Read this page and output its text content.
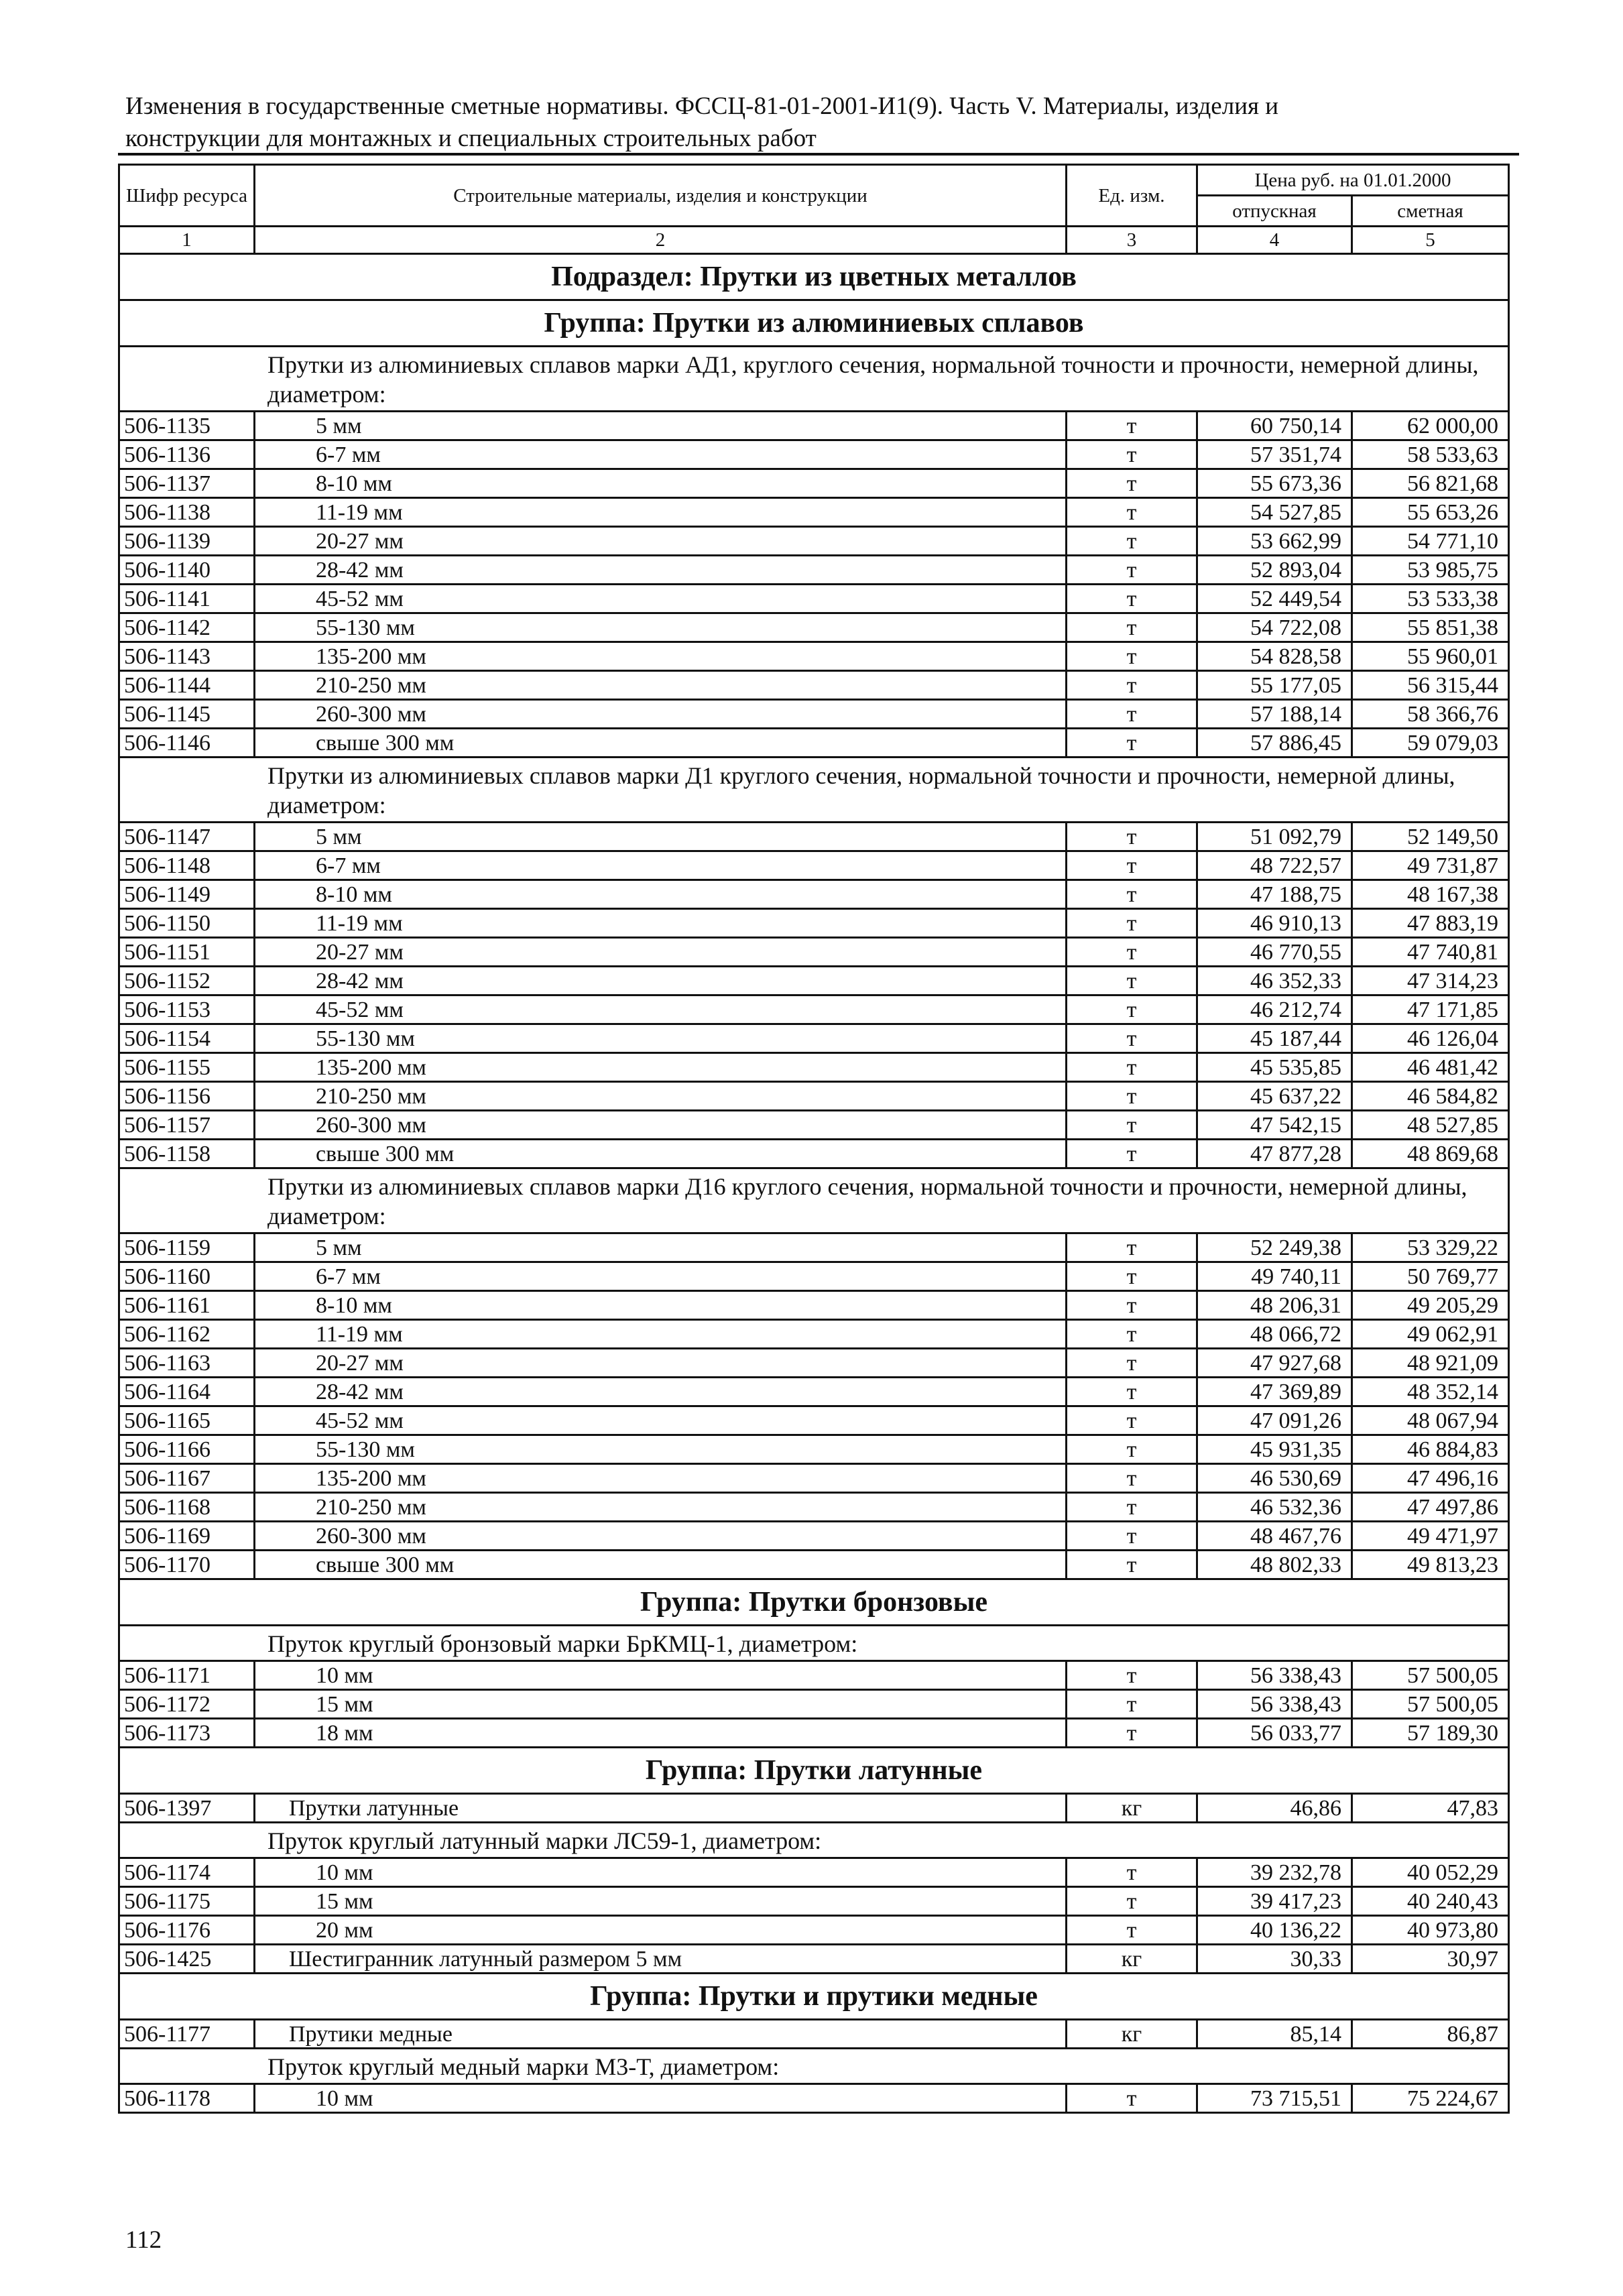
Изменения в государственные сметные нормативы. ФССЦ-81-01-2001-И1(9). Часть V. Материалы, изделия и
конструкции для монтажных и специальных строительных работ
Шифр ресурса	Строительные материалы, изделия и конструкции	Ед. изм.	Цена руб. на 01.01.2000	
			отпускная	сметная
1	2	3	4	5
Подраздел: Прутки из цветных металлов				
Группа: Прутки из алюминиевых сплавов				
Прутки из алюминиевых сплавов марки АД1, круглого сечения, нормальной точности и прочности, немерной длины, диаметром:				
506-1135	5 мм	т	60 750,14	62 000,00
506-1136	6-7 мм	т	57 351,74	58 533,63
506-1137	8-10 мм	т	55 673,36	56 821,68
506-1138	11-19 мм	т	54 527,85	55 653,26
506-1139	20-27 мм	т	53 662,99	54 771,10
506-1140	28-42 мм	т	52 893,04	53 985,75
506-1141	45-52 мм	т	52 449,54	53 533,38
506-1142	55-130 мм	т	54 722,08	55 851,38
506-1143	135-200 мм	т	54 828,58	55 960,01
506-1144	210-250 мм	т	55 177,05	56 315,44
506-1145	260-300 мм	т	57 188,14	58 366,76
506-1146	свыше 300 мм	т	57 886,45	59 079,03
Прутки из алюминиевых сплавов марки Д1 круглого сечения, нормальной точности и прочности, немерной длины, диаметром:				
506-1147	5 мм	т	51 092,79	52 149,50
506-1148	6-7 мм	т	48 722,57	49 731,87
506-1149	8-10 мм	т	47 188,75	48 167,38
506-1150	11-19 мм	т	46 910,13	47 883,19
506-1151	20-27 мм	т	46 770,55	47 740,81
506-1152	28-42 мм	т	46 352,33	47 314,23
506-1153	45-52 мм	т	46 212,74	47 171,85
506-1154	55-130 мм	т	45 187,44	46 126,04
506-1155	135-200 мм	т	45 535,85	46 481,42
506-1156	210-250 мм	т	45 637,22	46 584,82
506-1157	260-300 мм	т	47 542,15	48 527,85
506-1158	свыше 300 мм	т	47 877,28	48 869,68
Прутки из алюминиевых сплавов марки Д16 круглого сечения, нормальной точности и прочности, немерной длины, диаметром:				
506-1159	5 мм	т	52 249,38	53 329,22
506-1160	6-7 мм	т	49 740,11	50 769,77
506-1161	8-10 мм	т	48 206,31	49 205,29
506-1162	11-19 мм	т	48 066,72	49 062,91
506-1163	20-27 мм	т	47 927,68	48 921,09
506-1164	28-42 мм	т	47 369,89	48 352,14
506-1165	45-52 мм	т	47 091,26	48 067,94
506-1166	55-130 мм	т	45 931,35	46 884,83
506-1167	135-200 мм	т	46 530,69	47 496,16
506-1168	210-250 мм	т	46 532,36	47 497,86
506-1169	260-300 мм	т	48 467,76	49 471,97
506-1170	свыше 300 мм	т	48 802,33	49 813,23
Группа: Прутки бронзовые				
Пруток круглый бронзовый марки БрКМЦ-1, диаметром:				
506-1171	10 мм	т	56 338,43	57 500,05
506-1172	15 мм	т	56 338,43	57 500,05
506-1173	18 мм	т	56 033,77	57 189,30
Группа: Прутки латунные				
506-1397	Прутки латунные	кг	46,86	47,83
Пруток круглый латунный марки ЛС59-1, диаметром:				
506-1174	10 мм	т	39 232,78	40 052,29
506-1175	15 мм	т	39 417,23	40 240,43
506-1176	20 мм	т	40 136,22	40 973,80
506-1425	Шестигранник латунный размером 5 мм	кг	30,33	30,97
Группа: Прутки и прутики медные				
506-1177	Прутики медные	кг	85,14	86,87
Пруток круглый медный марки М3-Т, диаметром:				
506-1178	10 мм	т	73 715,51	75 224,67
112
